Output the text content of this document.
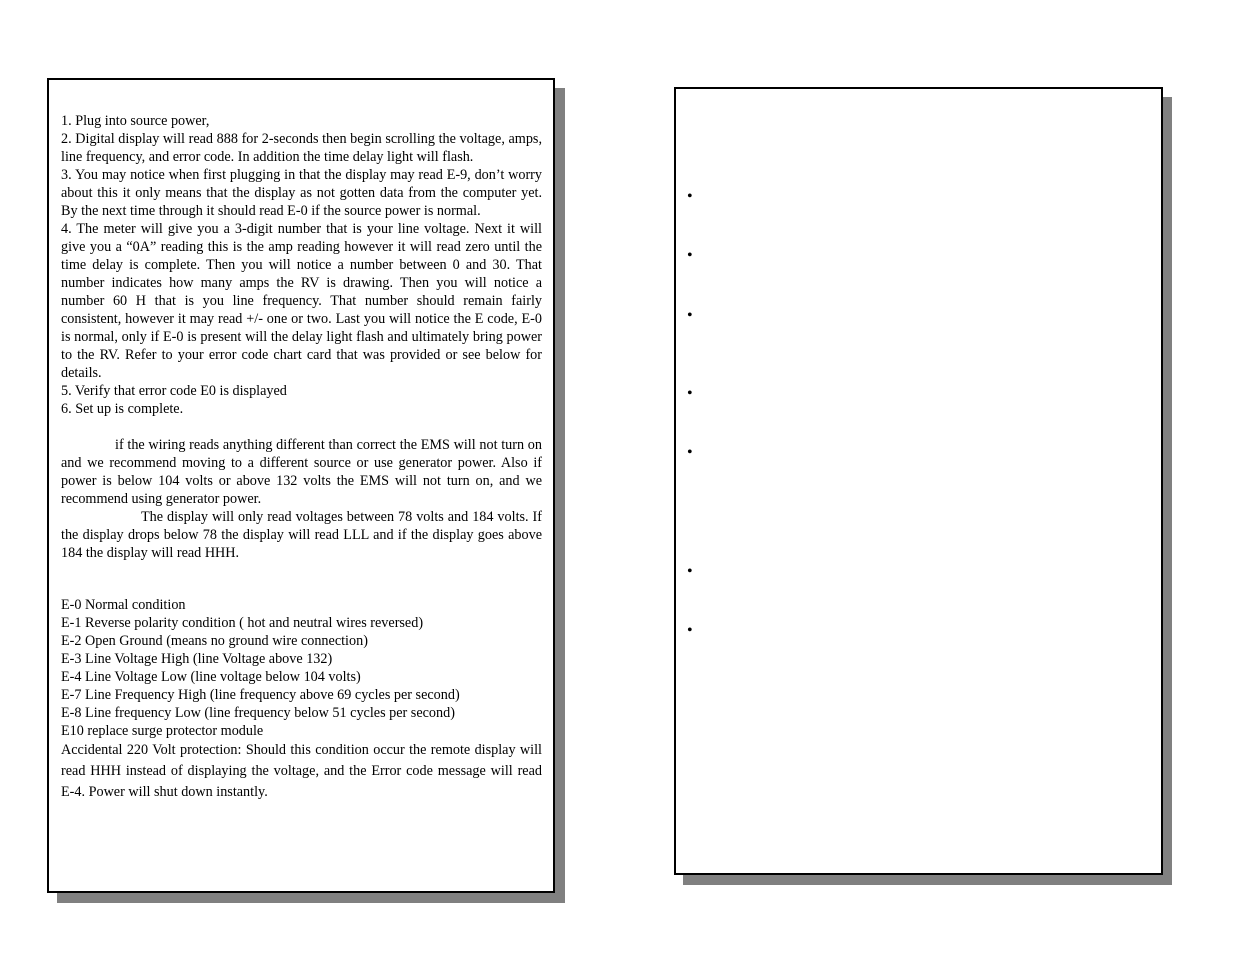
1. Plug into source power,

2. Digital display will read 888 for 2-seconds then begin scrolling the voltage, amps, line frequency, and error code. In addition the time delay light will flash.

3. You may notice when first plugging in that the display may read E-9, don’t worry about this it only means that the display as not gotten data from the computer yet. By the next time through it should read E-0 if the source power is normal.

4. The meter will give you a 3-digit number that is your line voltage. Next it will give you a “0A” reading this is the amp reading however it will read zero until the time delay is complete. Then you will notice a number between 0 and 30. That number indicates how many amps the RV is drawing. Then you will notice a number 60 H that is you line frequency. That number should remain fairly consistent, however it may read +/- one or two. Last you will notice the E code, E-0 is normal, only if E-0 is present will the delay light flash and ultimately bring power to the RV. Refer to your error code chart card that was provided or see below for details.

5. Verify that error code E0 is displayed

6. Set up is complete.

if the wiring reads anything different than correct the EMS will not turn on and we recommend moving to a different source or use generator power. Also if power is below 104 volts or above 132 volts the EMS will not turn on, and we recommend using generator power.

The display will only read voltages between 78 volts and 184 volts. If the display drops below 78 the display will read LLL and if the display goes above 184 the display will read HHH.

E-0 Normal condition

E-1 Reverse polarity condition ( hot and neutral wires reversed)

E-2 Open Ground (means no ground wire connection)

E-3 Line Voltage High (line Voltage above 132)

E-4 Line Voltage Low (line voltage below 104 volts)

E-7 Line Frequency High (line frequency above 69 cycles per second)

E-8 Line frequency Low (line frequency below 51 cycles per second)

E10 replace surge protector module

Accidental 220 Volt protection: Should this condition occur the remote display will read HHH instead of displaying the voltage, and the Error code message will read E-4. Power will shut down instantly.

•
•
•
•
•
•
•
